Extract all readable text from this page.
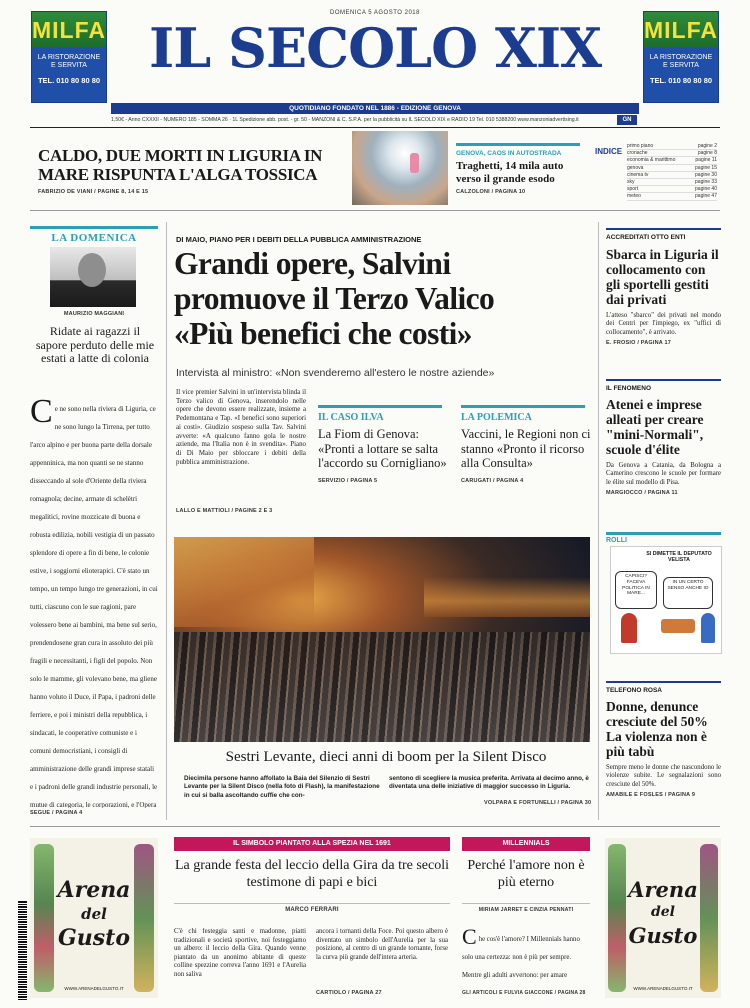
MILFA
LA RISTORAZIONE
E SERVITA
TEL. 010 80 80 80
MILFA
LA RISTORAZIONE
E SERVITA
TEL. 010 80 80 80
DOMENICA 5 AGOSTO 2018
IL SECOLO XIX
QUOTIDIANO FONDATO NEL 1886 - EDIZIONE GENOVA
1,50€ - Anno CXXXII - NUMERO 185 - SOMMA 26 · 1L Spedizione abb. post. - gr. 50 - MANZONI & C. S.P.A. per la pubblicità su IL SECOLO XIX e RADIO 19 Tel. 010 5388200 www.manzoniadvertising.it	GN
CALDO, DUE MORTI IN LIGURIA IN MARE RISPUNTA L'ALGA TOSSICA
FABRIZIO DE VIANI / PAGINE 8, 14 E 15
GENOVA, CAOS IN AUTOSTRADA
Traghetti, 14 mila auto verso il grande esodo
CALZOLONI / PAGINA 10
INDICE
primo piano	pagine 2
cronache	pagine 8
economia & marittimo	pagine 11
genova	pagine 15
cinema tv	pagine 30
sky	pagine 33
sport	pagine 40
meteo	pagine 47
LA DOMENICA
MAURIZIO MAGGIANI
Ridate ai ragazzi il sapore perduto delle mie estati a latte di colonia
C e ne sono nella riviera di Liguria, ce ne sono lungo la Tirrena, per tutto l'arco alpino e per buona parte della dorsale appenninica, ma non quanti se ne stanno disseccando al sole d'Oriente della riviera romagnola; decine, armate di schelètri megalitici, rovine mozzicate di buona e robusta edilizia, nobili vestigia di un passato splendore di opere a fin di bene, le colonie estive, i soggiorni elioterapici. C'è stato un tempo, un tempo lungo tre generazioni, in cui tutti, ciascuno con le sue ragioni, pare volessero bene ai bambini, ma bene sul serio, prendendosene gran cura in assoluto dei più fragili e necessitanti, i figli del popolo. Non solo le mamme, gli volevano bene, ma gliene hanno voluto il Duce, il Papa, i padroni delle ferriere, e poi i ministri della repubblica, i sindacati, le cooperative comuniste e i comuni democristiani, i consigli di amministrazione delle grandi imprese statali e i padroni delle grandi industrie personali, le mutue di categoria, le corporazioni, e l'Opera
SEGUE / PAGINA 4
DI MAIO, PIANO PER I DEBITI DELLA PUBBLICA AMMINISTRAZIONE
Grandi opere, Salvini
promuove il Terzo Valico
«Più benefici che costi»
Intervista al ministro: «Non svenderemo all'estero le nostre aziende»
Il vice premier Salvini in un'intervista blinda il Terzo valico di Genova, inserendolo nelle opere che devono essere realizzate, insieme a Pedemontana e Tap. «I benefici sono superiori ai costi». Giudizio sospeso sulla Tav. Salvini avverte: «A qualcuno fanno gola le nostre aziende, ma l'Italia non è in svendita». Piano di Di Maio per sbloccare i debiti della pubblica amministrazione.
LALLO E MATTIOLI / PAGINE 2 E 3
IL CASO ILVA
La Fiom di Genova: «Pronti a lottare se salta l'accordo su Cornigliano»
SERVIZIO / PAGINA 5
LA POLEMICA
Vaccini, le Regioni non ci stanno «Pronto il ricorso alla Consulta»
CARUGATI / PAGINA 4
Sestri Levante, dieci anni di boom per la Silent Disco
Diecimila persone hanno affollato la Baia del Silenzio di Sestri Levante per la Silent Disco (nella foto di Flash), la manifestazione in cui si balla ascoltando cuffie che con-
sentono di scegliere la musica preferita. Arrivata al decimo anno, è diventata una delle iniziative di maggior successo in Liguria.
VOLPARA E FORTUNELLI / PAGINA 30
ACCREDITATI OTTO ENTI
Sbarca in Liguria il collocamento con gli sportelli gestiti dai privati
L'atteso "sbarco" dei privati nel mondo dei Centri per l'impiego, ex "uffici di collocamento", è arrivato.
E. FROSIO / PAGINA 17
IL FENOMENO
Atenei e imprese alleati per creare "mini-Normali", scuole d'élite
Da Genova a Catania, da Bologna a Camerino crescono le scuole per formare le élite sul modello di Pisa.
MARGIOCCO / PAGINA 11
ROLLI
SI DIMETTE IL DEPUTATO VELISTA
CAPISCI? FACEVA POLITICA IN MARE...
IN UN CERTO SENSO ANCHE IO
TELEFONO ROSA
Donne, denunce cresciute del 50% La violenza non è più tabù
Sempre meno le donne che nascondono le violenze subite. Le segnalazioni sono cresciute del 50%.
AMABILE E FOSLES / PAGINA 9
Arena
del
Gusto
WWW.ARENADELGUSTO.IT
IL SIMBOLO PIANTATO ALLA SPEZIA NEL 1691
La grande festa del leccio della Gira da tre secoli testimone di papi e bici
MARCO FERRARI
C'è chi festeggia santi e madonne, piatti tradizionali e società sportive, noi festeggiamo un albero: il leccio della Gira. Quando venne piantato da un anonimo abitante di queste colline spezzine correva l'anno 1691 e l'Aurelia non saliva
ancora i tornanti della Foce. Poi questo albero è diventato un simbolo dell'Aurelia per la sua posizione, al centro di un grande tornante, forse la curva più grande dell'intera arteria.
CARTIOLO / PAGINA 27
MILLENNIALS
Perché l'amore non è più eterno
MIRIAM JARRET E CINZIA PENNATI
C he cos'è l'amore? I Millennials hanno solo una certezza: non è più per sempre. Mentre gli adulti avvertono: per amare
GLI ARTICOLI E FULVIA GIACCONE / PAGINA 28
Arena
del
Gusto
WWW.ARENADELGUSTO.IT
